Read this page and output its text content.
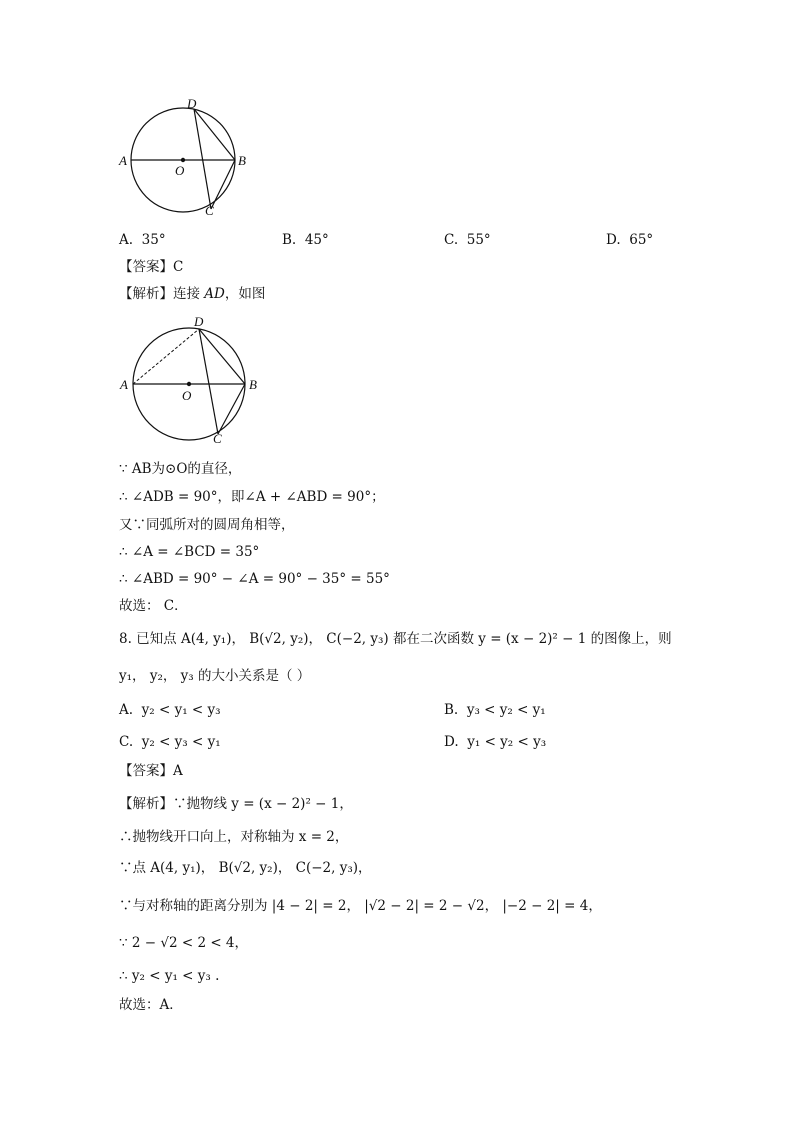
D
A
O
B
C
A. 35°	B. 45°	C. 55°	D. 65°
【答案】C
【解析】连接 AD，如图
D
A
O
B
C
∵ AB为⊙O的直径，
∴ ∠ADB = 90°，即∠A + ∠ABD = 90°；
又∵同弧所对的圆周角相等，
∴ ∠A = ∠BCD = 35°
∴ ∠ABD = 90° − ∠A = 90° − 35° = 55°
故选： C．
8. 已知点 A(4, y₁)， B(√2, y₂)， C(−2, y₃) 都在二次函数 y = (x − 2)² − 1 的图像上，则
y₁， y₂， y₃ 的大小关系是（ ）
A. y₂ < y₁ < y₃	B. y₃ < y₂ < y₁
C. y₂ < y₃ < y₁	D. y₁ < y₂ < y₃
【答案】A
【解析】∵抛物线 y = (x − 2)² − 1，
∴抛物线开口向上，对称轴为 x = 2，
∵点 A(4, y₁)， B(√2, y₂)， C(−2, y₃)，
∵与对称轴的距离分别为 |4 − 2| = 2， |√2 − 2| = 2 − √2， |−2 − 2| = 4，
∵ 2 − √2 < 2 < 4，
∴ y₂ < y₁ < y₃ .
故选：A．
